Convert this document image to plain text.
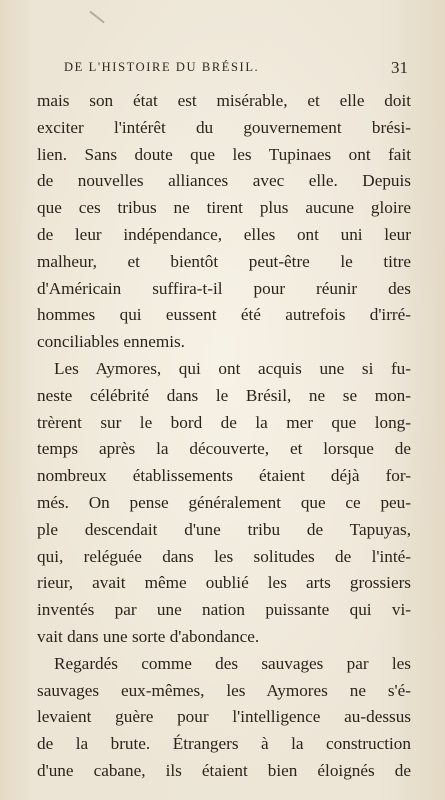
DE L'HISTOIRE DU BRÉSIL.	31
mais son état est misérable, et elle doit
exciter l'intérêt du gouvernement brési-
lien. Sans doute que les Tupinaes ont fait
de nouvelles alliances avec elle. Depuis
que ces tribus ne tirent plus aucune gloire
de leur indépendance, elles ont uni leur
malheur, et bientôt peut-être le titre
d'Américain suffira-t-il pour réunir des
hommes qui eussent été autrefois d'irré-
conciliables ennemis.
Les Aymores, qui ont acquis une si fu-
neste célébrité dans le Brésil, ne se mon-
trèrent sur le bord de la mer que long-
temps après la découverte, et lorsque de
nombreux établissements étaient déjà for-
més. On pense généralement que ce peu-
ple descendait d'une tribu de Tapuyas,
qui, reléguée dans les solitudes de l'inté-
rieur, avait même oublié les arts grossiers
inventés par une nation puissante qui vi-
vait dans une sorte d'abondance.
Regardés comme des sauvages par les
sauvages eux-mêmes, les Aymores ne s'é-
levaient guère pour l'intelligence au-dessus
de la brute. Étrangers à la construction
d'une cabane, ils étaient bien éloignés de
